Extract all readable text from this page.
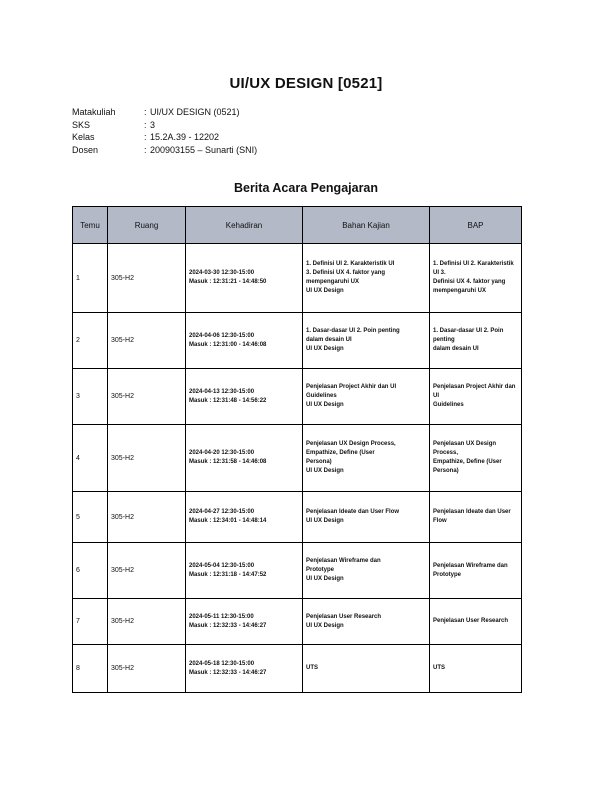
UI/UX DESIGN [0521]
Matakuliah	: UI/UX DESIGN (0521)
SKS	: 3
Kelas	: 15.2A.39 - 12202
Dosen	: 200903155 – Sunarti (SNI)
Berita Acara Pengajaran
Temu	Ruang	Kehadiran	Bahan Kajian	BAP
1	305-H2	2024-03-30 12:30-15:00
Masuk : 12:31:21 - 14:48:50	1. Definisi UI 2. Karakteristik UI
3. Definisi UX 4. faktor yang
mempengaruhi UX
UI UX Design	1. Definisi UI 2. Karakteristik UI 3.
Definisi UX 4. faktor yang
mempengaruhi UX

2	305-H2	2024-04-06 12:30-15:00
Masuk : 12:31:00 - 14:46:08	1. Dasar-dasar UI 2. Poin penting
dalam desain UI
UI UX Design	1. Dasar-dasar UI 2. Poin penting
dalam desain UI

3	305-H2	2024-04-13 12:30-15:00
Masuk : 12:31:48 - 14:56:22	Penjelasan Project Akhir dan UI
Guidelines
UI UX Design	Penjelasan Project Akhir dan UI
Guidelines

4	305-H2	2024-04-20 12:30-15:00
Masuk : 12:31:58 - 14:46:08	Penjelasan UX Design Process,
Empathize, Define (User
Persona)
UI UX Design	Penjelasan UX Design Process,
Empathize, Define (User Persona)

5	305-H2	2024-04-27 12:30-15:00
Masuk : 12:34:01 - 14:48:14	Penjelasan Ideate dan User Flow
UI UX Design	Penjelasan Ideate dan User Flow

6	305-H2	2024-05-04 12:30-15:00
Masuk : 12:31:18 - 14:47:52	Penjelasan Wireframe dan
Prototype
UI UX Design	Penjelasan Wireframe dan Prototype

7	305-H2	2024-05-11 12:30-15:00
Masuk : 12:32:33 - 14:46:27	Penjelasan User Research
UI UX Design	Penjelasan User Research

8	305-H2	2024-05-18 12:30-15:00
Masuk : 12:32:33 - 14:46:27	UTS	UTS
